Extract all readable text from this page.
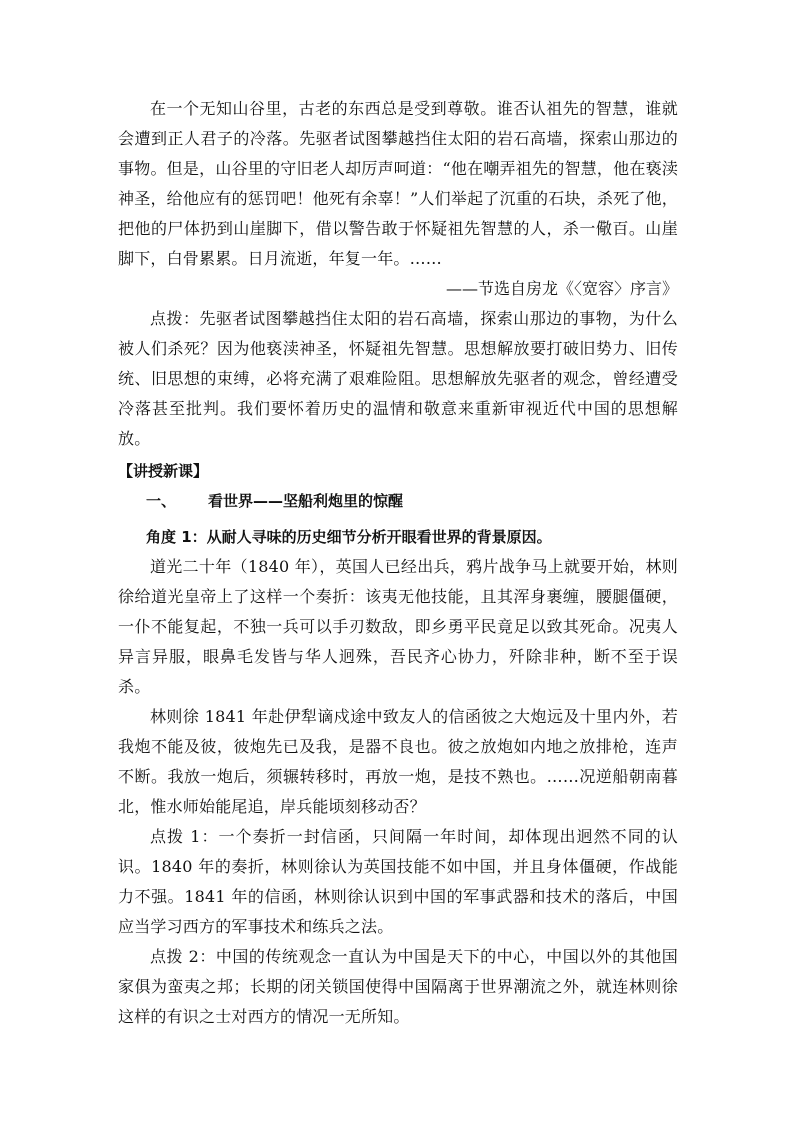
在一个无知山谷里，古老的东西总是受到尊敬。谁否认祖先的智慧，谁就会遭到正人君子的冷落。先驱者试图攀越挡住太阳的岩石高墙，探索山那边的事物。但是，山谷里的守旧老人却厉声呵道：“他在嘲弄祖先的智慧，他在亵渎神圣，给他应有的惩罚吧！他死有余辜！”人们举起了沉重的石块，杀死了他，把他的尸体扔到山崖脚下，借以警告敢于怀疑祖先智慧的人，杀一儆百。山崖脚下，白骨累累。日月流逝，年复一年。……

——节选自房龙《〈宽容〉序言》

点拨：先驱者试图攀越挡住太阳的岩石高墙，探索山那边的事物，为什么被人们杀死？因为他亵渎神圣，怀疑祖先智慧。思想解放要打破旧势力、旧传统、旧思想的束缚，必将充满了艰难险阻。思想解放先驱者的观念，曾经遭受冷落甚至批判。我们要怀着历史的温情和敬意来重新审视近代中国的思想解放。

【讲授新课】

一、	看世界——坚船利炮里的惊醒

角度 1：从耐人寻味的历史细节分析开眼看世界的背景原因。

道光二十年（1840 年），英国人已经出兵，鸦片战争马上就要开始，林则徐给道光皇帝上了这样一个奏折：该夷无他技能，且其浑身裹缠，腰腿僵硬，一仆不能复起，不独一兵可以手刃数敌，即乡勇平民竟足以致其死命。况夷人异言异服，眼鼻毛发皆与华人迥殊，吾民齐心协力，歼除非种，断不至于误杀。

林则徐 1841 年赴伊犁谪戍途中致友人的信函彼之大炮远及十里内外，若我炮不能及彼，彼炮先已及我，是器不良也。彼之放炮如内地之放排枪，连声不断。我放一炮后，须辗转移时，再放一炮，是技不熟也。……况逆船朝南暮北，惟水师始能尾追，岸兵能顷刻移动否？

点拨 1：一个奏折一封信函，只间隔一年时间，却体现出迥然不同的认识。1840 年的奏折，林则徐认为英国技能不如中国，并且身体僵硬，作战能力不强。1841 年的信函，林则徐认识到中国的军事武器和技术的落后，中国应当学习西方的军事技术和练兵之法。

点拨 2：中国的传统观念一直认为中国是天下的中心，中国以外的其他国家俱为蛮夷之邦；长期的闭关锁国使得中国隔离于世界潮流之外，就连林则徐这样的有识之士对西方的情况一无所知。
